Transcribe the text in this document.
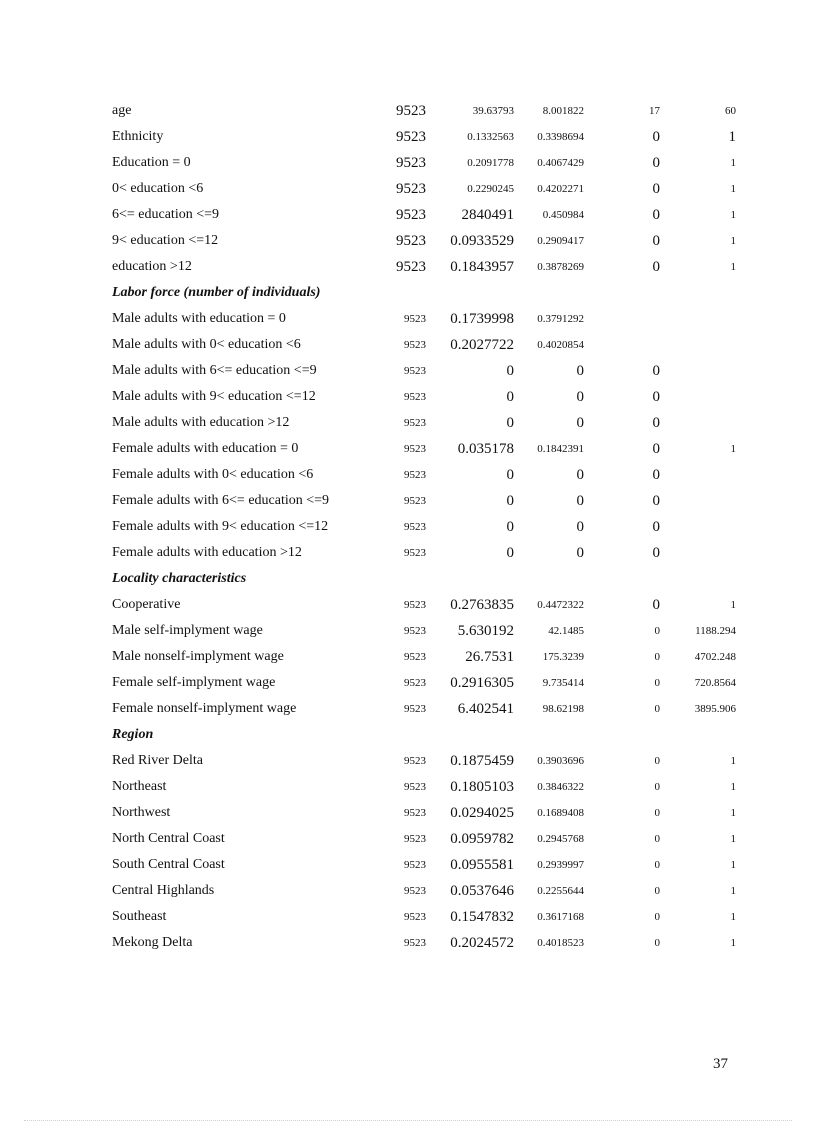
age	9523	39.63793	8.001822	17	60
Ethnicity	9523	0.1332563 0.3398694	0	1
Education = 0	9523	0.2091778 0.4067429	0	1
0< education <6	9523	0.2290245 0.4202271	0	1
6<= education <=9	9523 2840491	0.450984	0	1
9< education <=12	9523 0.0933529 0.2909417	0	1
education >12	9523 0.1843957 0.3878269	0	1
Labor force (number of individuals)
Male adults with education = 0	9523 0.1739998 0.3791292
Male adults with 0< education <6	9523 0.2027722 0.4020854
Male adults with 6<= education <=9	9523	0	0	0
Male adults with 9< education <=12	9523	0	0	0
Male adults with education >12	9523	0	0	0
Female adults with education = 0	9523 0.035178 0.1842391	0	1
Female adults with 0< education <6	9523	0	0	0
Female adults with 6<= education <=9	9523	0	0	0
Female adults with 9< education <=12	9523	0	0	0
Female adults with education >12	9523	0	0	0
Locality characteristics
Cooperative	9523 0.2763835 0.4472322	0	1
Male self-implyment wage	9523 5.630192	42.1485	0	1188.294
Male nonself-implyment wage	9523	26.7531	175.3239	0	4702.248
Female self-implyment wage	9523 0.2916305	9.735414	0	720.8564
Female nonself-implyment wage	9523 6.402541	98.62198	0	3895.906
Region
Red River Delta	9523 0.1875459 0.3903696	0	1
Northeast	9523 0.1805103 0.3846322	0	1
Northwest	9523 0.0294025 0.1689408	0	1
North Central Coast	9523 0.0959782 0.2945768	0	1
South Central Coast	9523 0.0955581 0.2939997	0	1
Central Highlands	9523 0.0537646 0.2255644	0	1
Southeast	9523 0.1547832 0.3617168	0	1
Mekong Delta	9523 0.2024572 0.4018523	0	1
37
